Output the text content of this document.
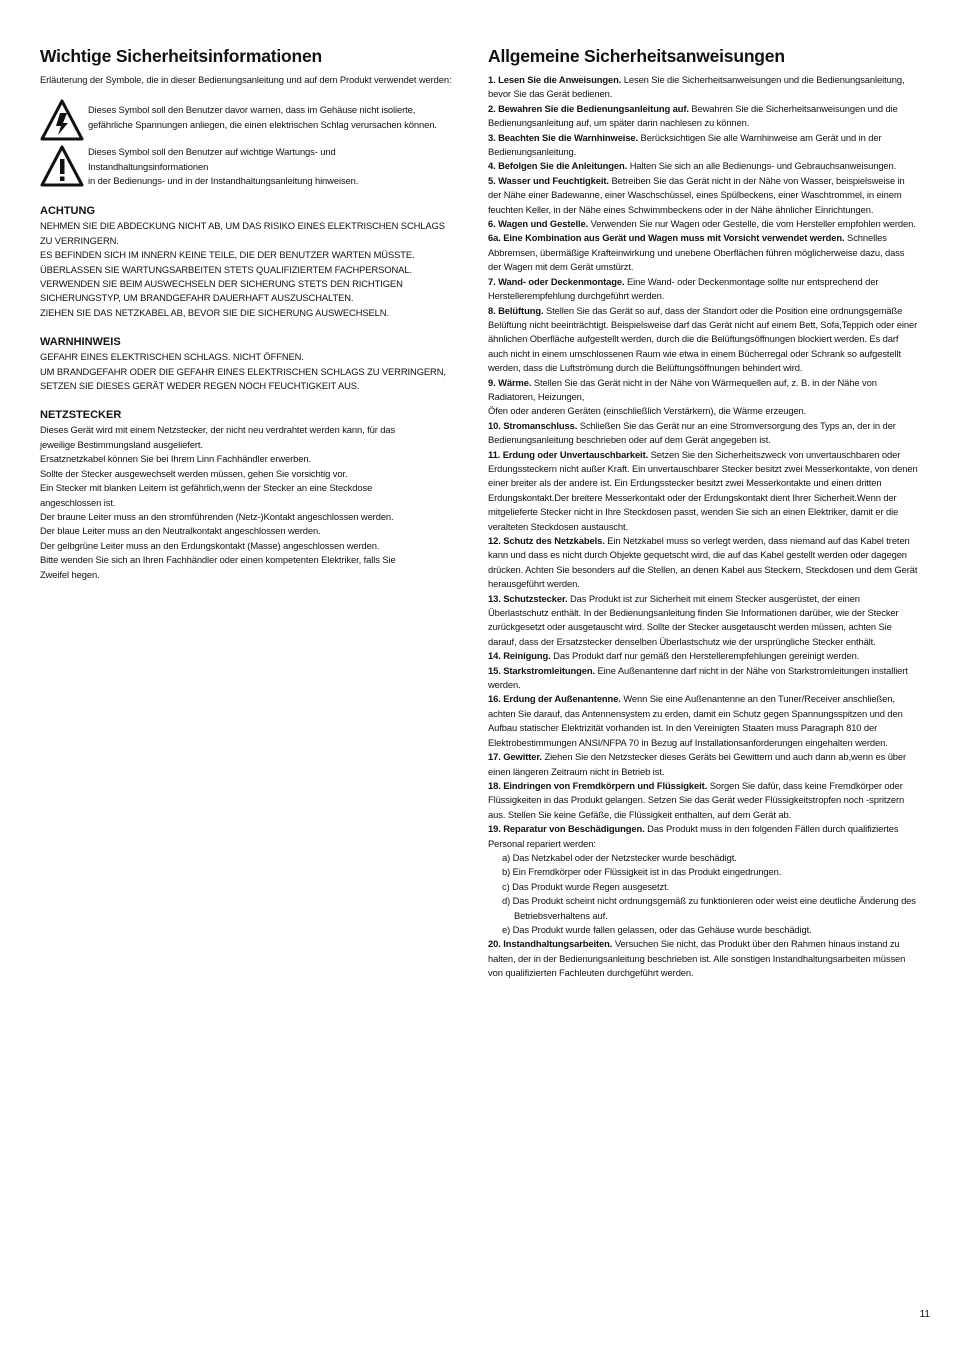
Wichtige Sicherheitsinformationen

Erläuterung der Symbole, die in dieser Bedienungsanleitung und auf dem Produkt verwendet werden:

Dieses Symbol soll den Benutzer davor warnen, dass im Gehäuse nicht isolierte,

gefährliche Spannungen anliegen, die einen elektrischen Schlag verursachen können.

Dieses Symbol soll den Benutzer auf wichtige Wartungs- und

Instandhaltungsinformationen

in der Bedienungs- und in der Instandhaltungsanleitung hinweisen.

ACHTUNG

NEHMEN SIE DIE ABDECKUNG NICHT AB, UM DAS RISIKO EINES ELEKTRISCHEN SCHLAGS

ZU VERRINGERN.

ES BEFINDEN SICH IM INNERN KEINE TEILE, DIE DER BENUTZER WARTEN MÜSSTE.

ÜBERLASSEN SIE WARTUNGSARBEITEN STETS QUALIFIZIERTEM FACHPERSONAL.

VERWENDEN SIE BEIM AUSWECHSELN DER SICHERUNG STETS DEN RICHTIGEN

SICHERUNGSTYP, UM BRANDGEFAHR DAUERHAFT AUSZUSCHALTEN.

ZIEHEN SIE DAS NETZKABEL AB, BEVOR SIE DIE SICHERUNG AUSWECHSELN.

WARNHINWEIS

GEFAHR EINES ELEKTRISCHEN SCHLAGS. NICHT ÖFFNEN.

UM BRANDGEFAHR ODER DIE GEFAHR EINES ELEKTRISCHEN SCHLAGS ZU VERRINGERN,

SETZEN SIE DIESES GERÄT WEDER REGEN NOCH FEUCHTIGKEIT AUS.

NETZSTECKER

Dieses Gerät wird mit einem Netzstecker, der nicht neu verdrahtet werden kann, für das

jeweilige Bestimmungsland ausgeliefert.

Ersatznetzkabel können Sie bei Ihrem Linn Fachhändler erwerben.

Sollte der Stecker ausgewechselt werden müssen, gehen Sie vorsichtig vor.

Ein Stecker mit blanken Leitern ist gefährlich,wenn der Stecker an eine Steckdose

angeschlossen ist.

Der braune Leiter muss an den stromführenden (Netz-)Kontakt angeschlossen werden.

Der blaue Leiter muss an den Neutralkontakt angeschlossen werden.

Der gelbgrüne Leiter muss an den Erdungskontakt (Masse) angeschlossen werden.

Bitte wenden Sie sich an Ihren Fachhändler oder einen kompetenten Elektriker, falls Sie

Zweifel hegen.

Allgemeine Sicherheitsanweisungen

1. Lesen Sie die Anweisungen. Lesen Sie die Sicherheitsanweisungen und die Bedienungsanleitung, bevor Sie das Gerät bedienen.

2. Bewahren Sie die Bedienungsanleitung auf. Bewahren Sie die Sicherheitsanweisungen und die Bedienungsanleitung auf, um später darin nachlesen zu können.

3. Beachten Sie die Warnhinweise. Berücksichtigen Sie alle Warnhinweise am Gerät und in der Bedienungsanleitung.

4. Befolgen Sie die Anleitungen. Halten Sie sich an alle Bedienungs- und Gebrauchsanweisungen.

5. Wasser und Feuchtigkeit. Betreiben Sie das Gerät nicht in der Nähe von Wasser, beispielsweise in der Nähe einer Badewanne, einer Waschschüssel, eines Spülbeckens, einer Waschtrommel, in einem feuchten Keller, in der Nähe eines Schwimmbeckens oder in der Nähe ähnlicher Einrichtungen.

6. Wagen und Gestelle. Verwenden Sie nur Wagen oder Gestelle, die vom Hersteller empfohlen werden.

6a. Eine Kombination aus Gerät und Wagen muss mit Vorsicht verwendet werden. Schnelles Abbremsen, übermäßige Krafteinwirkung und unebene Oberflächen führen möglicherweise dazu, dass der Wagen mit dem Gerät umstürzt.

7. Wand- oder Deckenmontage. Eine Wand- oder Deckenmontage sollte nur entsprechend der Herstellerempfehlung durchgeführt werden.

8. Belüftung. Stellen Sie das Gerät so auf, dass der Standort oder die Position eine ordnungsgemäße Belüftung nicht beeinträchtigt. Beispielsweise darf das Gerät nicht auf einem Bett, Sofa,Teppich oder einer ähnlichen Oberfläche aufgestellt werden, durch die die Belüftungsöffnungen blockiert werden. Es darf auch nicht in einem umschlossenen Raum wie etwa in einem Bücherregal oder Schrank so aufgestellt werden, dass die Luftströmung durch die Belüftungsöffnungen behindert wird.

9. Wärme. Stellen Sie das Gerät nicht in der Nähe von Wärmequellen auf, z. B. in der Nähe von Radiatoren, Heizungen,
Öfen oder anderen Geräten (einschließlich Verstärkern), die Wärme erzeugen.

10. Stromanschluss. Schließen Sie das Gerät nur an eine Stromversorgung des Typs an, der in der Bedienungsanleitung beschrieben oder auf dem Gerät angegeben ist.

11. Erdung oder Unvertauschbarkeit. Setzen Sie den Sicherheitszweck von unvertauschbaren oder Erdungssteckern nicht außer Kraft. Ein unvertauschbarer Stecker besitzt zwei Messerkontakte, von denen einer breiter als der andere ist. Ein Erdungsstecker besitzt zwei Messerkontakte und einen dritten Erdungskontakt.Der breitere Messerkontakt oder der Erdungskontakt dient Ihrer Sicherheit.Wenn der mitgelieferte Stecker nicht in Ihre Steckdosen passt, wenden Sie sich an einen Elektriker, damit er die veralteten Steckdosen austauscht.

12. Schutz des Netzkabels. Ein Netzkabel muss so verlegt werden, dass niemand auf das Kabel treten kann und dass es nicht durch Objekte gequetscht wird, die auf das Kabel gestellt werden oder dagegen drücken. Achten Sie besonders auf die Stellen, an denen Kabel aus Steckern, Steckdosen und dem Gerät herausgeführt werden.

13. Schutzstecker. Das Produkt ist zur Sicherheit mit einem Stecker ausgerüstet, der einen Überlastschutz enthält. In der Bedienungsanleitung finden Sie Informationen darüber, wie der Stecker zurückgesetzt oder ausgetauscht wird. Sollte der Stecker ausgetauscht werden müssen, achten Sie darauf, dass der Ersatzstecker denselben Überlastschutz wie der ursprüngliche Stecker enthält.

14. Reinigung. Das Produkt darf nur gemäß den Herstellerempfehlungen gereinigt werden.

15. Starkstromleitungen. Eine Außenantenne darf nicht in der Nähe von Starkstromleitungen installiert werden.

16. Erdung der Außenantenne. Wenn Sie eine Außenantenne an den Tuner/Receiver anschließen, achten Sie darauf, das Antennensystem zu erden, damit ein Schutz gegen Spannungsspitzen und den Aufbau statischer Elektrizität vorhanden ist. In den Vereinigten Staaten muss Paragraph 810 der Elektrobestimmungen ANSI/NFPA 70 in Bezug auf Installationsanforderungen eingehalten werden.

17. Gewitter. Ziehen Sie den Netzstecker dieses Geräts bei Gewittern und auch dann ab,wenn es über einen längeren Zeitraum nicht in Betrieb ist.

18. Eindringen von Fremdkörpern und Flüssigkeit. Sorgen Sie dafür, dass keine Fremdkörper oder Flüssigkeiten in das Produkt gelangen. Setzen Sie das Gerät weder Flüssigkeitstropfen noch -spritzern aus. Stellen Sie keine Gefäße, die Flüssigkeit enthalten, auf dem Gerät ab.

19. Reparatur von Beschädigungen. Das Produkt muss in den folgenden Fällen durch qualifiziertes Personal repariert werden:

a) Das Netzkabel oder der Netzstecker wurde beschädigt.

b) Ein Fremdkörper oder Flüssigkeit ist in das Produkt eingedrungen.

c) Das Produkt wurde Regen ausgesetzt.

d) Das Produkt scheint nicht ordnungsgemäß zu funktionieren oder weist eine deutliche Änderung des Betriebsverhaltens auf.

e) Das Produkt wurde fallen gelassen, oder das Gehäuse wurde beschädigt.

20. Instandhaltungsarbeiten. Versuchen Sie nicht, das Produkt über den Rahmen hinaus instand zu halten, der in der Bedienungsanleitung beschrieben ist. Alle sonstigen Instandhaltungsarbeiten müssen von qualifizierten Fachleuten durchgeführt werden.

11
